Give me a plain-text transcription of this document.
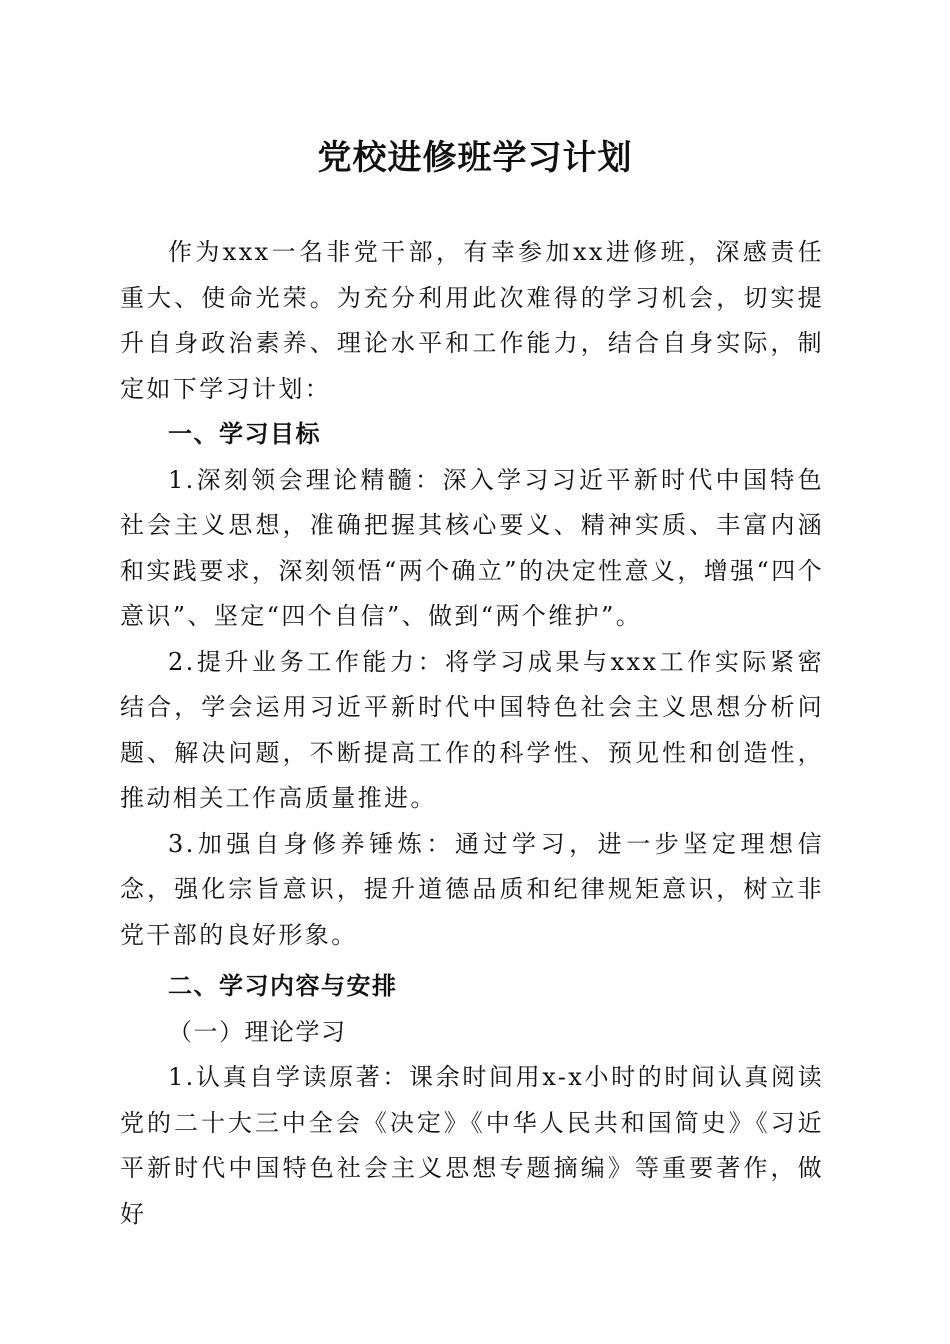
党校进修班学习计划

作为xxx一名非党干部，有幸参加xx进修班，深感责任重大、使命光荣。为充分利用此次难得的学习机会，切实提升自身政治素养、理论水平和工作能力，结合自身实际，制定如下学习计划：

一、学习目标

1.深刻领会理论精髓：深入学习习近平新时代中国特色社会主义思想，准确把握其核心要义、精神实质、丰富内涵和实践要求，深刻领悟“两个确立”的决定性意义，增强“四个意识”、坚定“四个自信”、做到“两个维护”。

2.提升业务工作能力：将学习成果与xxx工作实际紧密结合，学会运用习近平新时代中国特色社会主义思想分析问题、解决问题，不断提高工作的科学性、预见性和创造性，推动相关工作高质量推进。

3.加强自身修养锤炼：通过学习，进一步坚定理想信念，强化宗旨意识，提升道德品质和纪律规矩意识，树立非党干部的良好形象。

二、学习内容与安排

（一）理论学习

1.认真自学读原著：课余时间用x-x小时的时间认真阅读党的二十大三中全会《决定》《中华人民共和国简史》《习近平新时代中国特色社会主义思想专题摘编》等重要著作，做好
